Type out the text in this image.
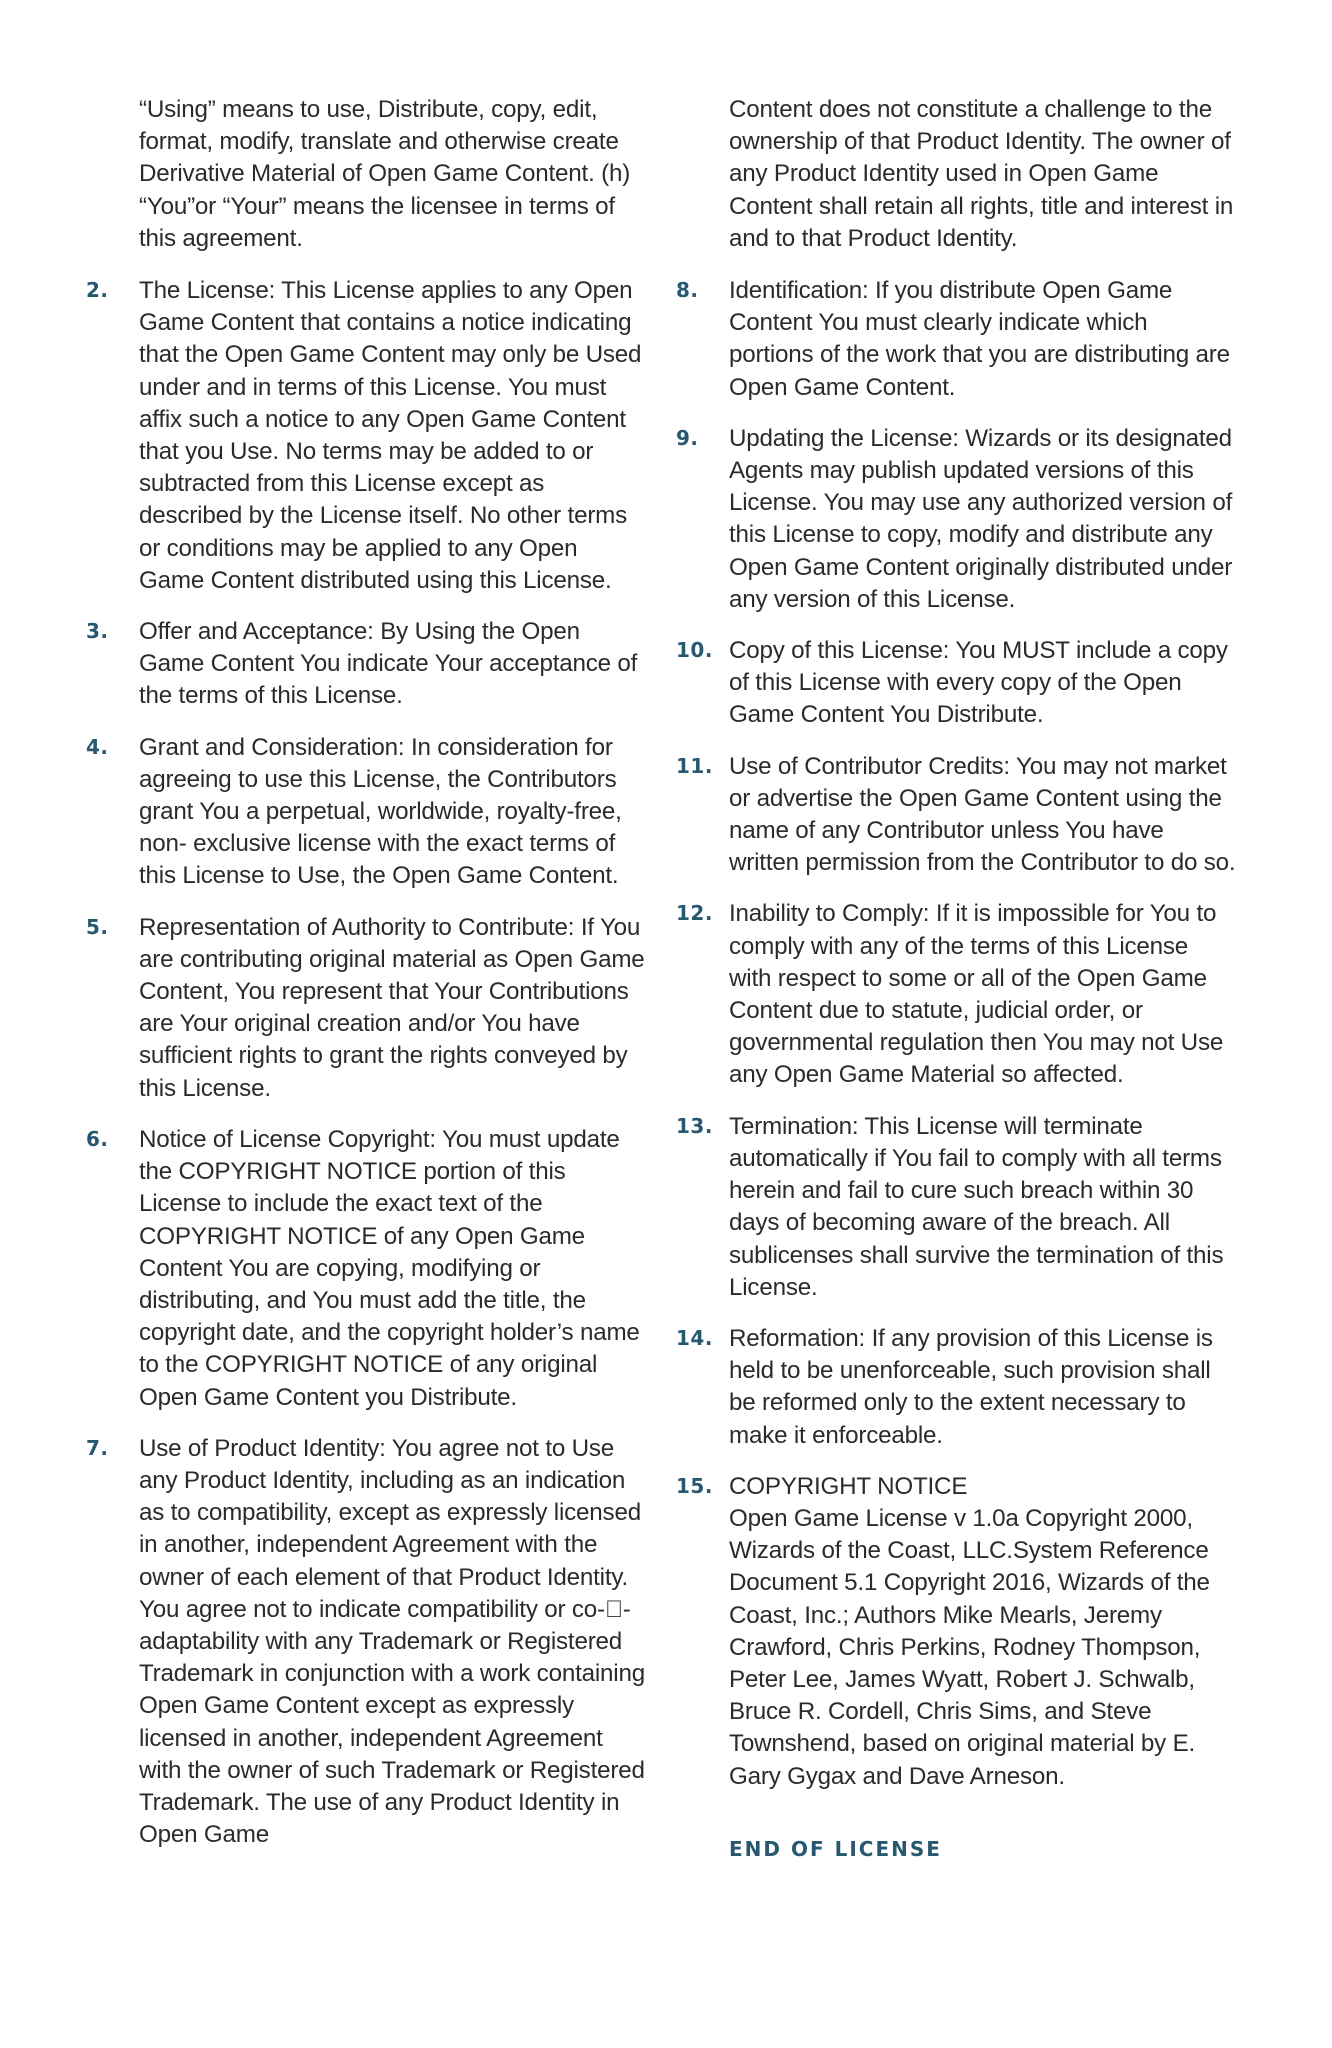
“Using” means to use, Distribute, copy, edit, format, modify, translate and otherwise create Derivative Material of Open Game Content. (h) “You”or “Your” means the licensee in terms of this agreement.

2. The License: This License applies to any Open Game Content that contains a notice indicating that the Open Game Content may only be Used under and in terms of this License. You must affix such a notice to any Open Game Content that you Use. No terms may be added to or subtracted from this License except as described by the License itself. No other terms or conditions may be applied to any Open Game Content distributed using this License.
3. Offer and Acceptance: By Using the Open Game Content You indicate Your acceptance of the terms of this License.
4. Grant and Consideration: In consideration for agreeing to use this License, the Contributors grant You a perpetual, worldwide, royalty-free, non- exclusive license with the exact terms of this License to Use, the Open Game Content.
5. Representation of Authority to Contribute: If You are contributing original material as Open Game Content, You represent that Your Contributions are Your original creation and/or You have sufficient rights to grant the rights conveyed by this License.
6. Notice of License Copyright: You must update the COPYRIGHT NOTICE portion of this License to include the exact text of the COPYRIGHT NOTICE of any Open Game Content You are copying, modifying or distributing, and You must add the title, the copyright date, and the copyright holder’s name to the COPYRIGHT NOTICE of any original Open Game Content you Distribute.
7. Use of Product Identity: You agree not to Use any Product Identity, including as an indication as to compatibility, except as expressly licensed in another, independent Agreement with the owner of each element of that Product Identity. You agree not to indicate compatibility or co-￾-adaptability with any Trademark or Registered Trademark in conjunction with a work containing Open Game Content except as expressly licensed in another, independent Agreement with the owner of such Trademark or Registered Trademark. The use of any Product Identity in Open Game

Content does not constitute a challenge to the ownership of that Product Identity. The owner of any Product Identity used in Open Game Content shall retain all rights, title and interest in and to that Product Identity.

8. Identification: If you distribute Open Game Content You must clearly indicate which portions of the work that you are distributing are Open Game Content.
9. Updating the License: Wizards or its designated Agents may publish updated versions of this License. You may use any authorized version of this License to copy, modify and distribute any Open Game Content originally distributed under any version of this License.
10. Copy of this License: You MUST include a copy of this License with every copy of the Open Game Content You Distribute.
11. Use of Contributor Credits: You may not market or advertise the Open Game Content using the name of any Contributor unless You have written permission from the Contributor to do so.
12. Inability to Comply: If it is impossible for You to comply with any of the terms of this License with respect to some or all of the Open Game Content due to statute, judicial order, or governmental regulation then You may not Use any Open Game Material so affected.
13. Termination: This License will terminate automatically if You fail to comply with all terms herein and fail to cure such breach within 30 days of becoming aware of the breach. All sublicenses shall survive the termination of this License.
14. Reformation: If any provision of this License is held to be unenforceable, such provision shall be reformed only to the extent necessary to make it enforceable.
15. COPYRIGHT NOTICE
Open Game License v 1.0a Copyright 2000, Wizards of the Coast, LLC.System Reference Document 5.1 Copyright 2016, Wizards of the Coast, Inc.; Authors Mike Mearls, Jeremy Crawford, Chris Perkins, Rodney Thompson, Peter Lee, James Wyatt, Robert J. Schwalb, Bruce R. Cordell, Chris Sims, and Steve Townshend, based on original material by E. Gary Gygax and Dave Arneson.
END OF LICENSE
